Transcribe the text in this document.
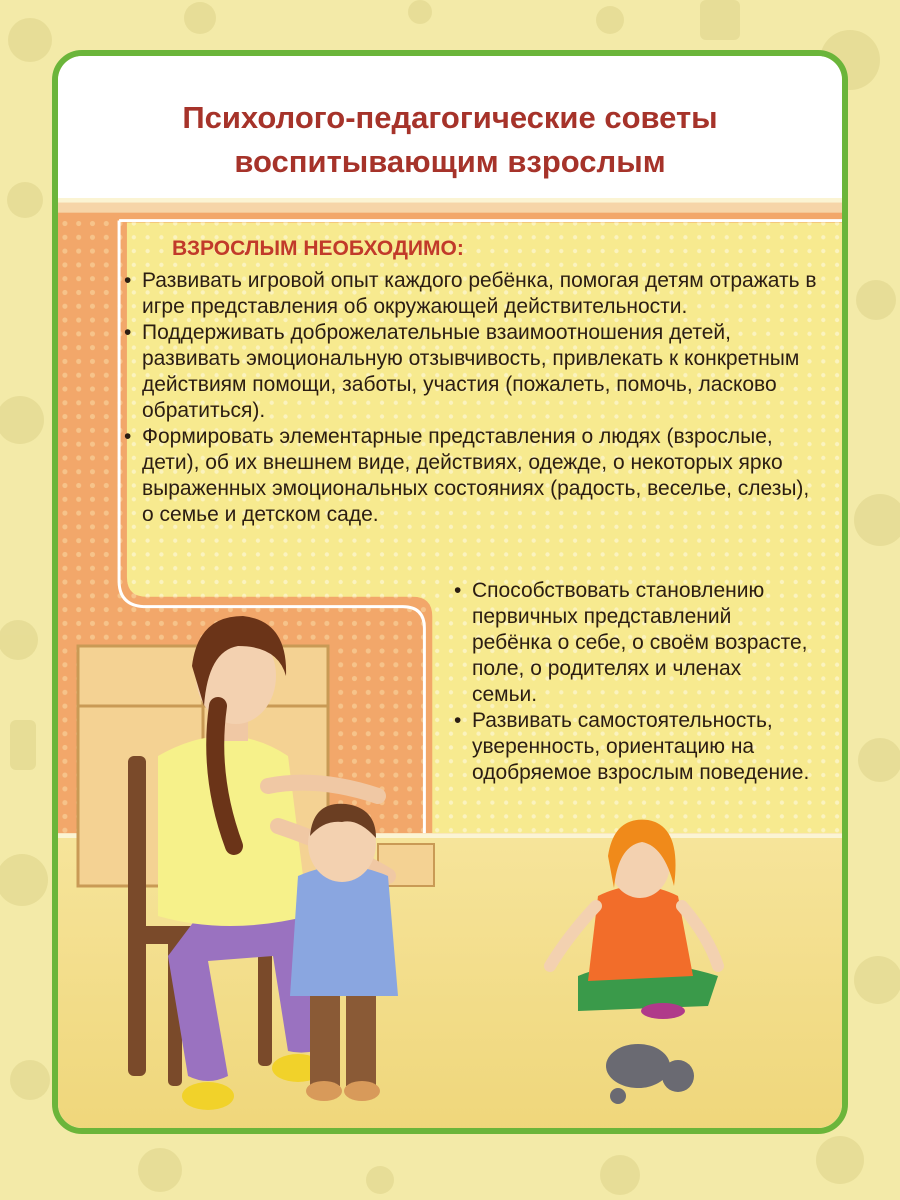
Психолого-педагогические советы
воспитывающим взрослым
ВЗРОСЛЫМ НЕОБХОДИМО:
• Развивать игровой опыт каждого ребёнка, помогая детям отражать в игре представления об окружающей действительности.
• Поддерживать доброжелательные взаимоотношения детей, развивать эмоциональную отзывчивость, привлекать к конкретным действиям помощи, заботы, участия (пожалеть, помочь, ласково обратиться).
• Формировать элементарные представления о людях (взрослые, дети), об их внешнем виде, действиях, одежде, о некоторых ярко выраженных эмоциональных состояниях (радость, веселье, слезы), о семье и детском саде.
• Способствовать становлению первичных представлений ребёнка о себе, о своём возрасте, поле, о родителях и членах семьи.
• Развивать самостоятельность, уверенность, ориентацию на одобряемое взрослым поведение.
